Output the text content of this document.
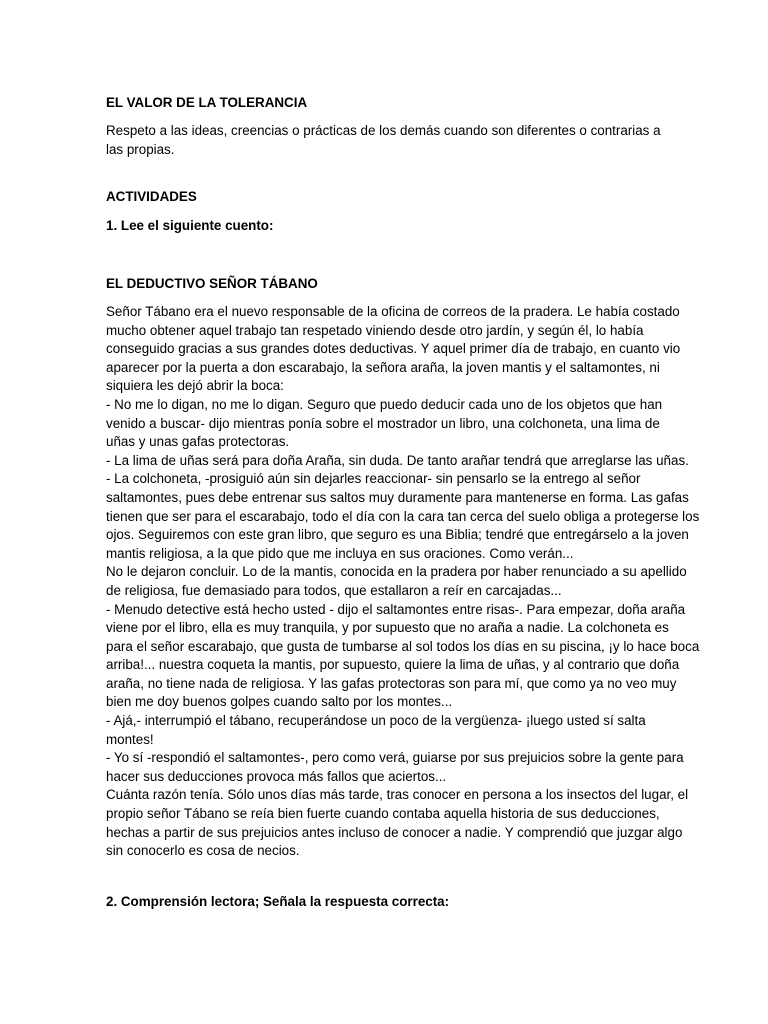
EL VALOR DE LA TOLERANCIA
Respeto a las ideas, creencias o prácticas de los demás cuando son diferentes o contrarias a las propias.
ACTIVIDADES
1. Lee el siguiente cuento:
EL DEDUCTIVO SEÑOR TÁBANO
Señor Tábano era el nuevo responsable de la oficina de correos de la pradera. Le había costado
mucho obtener aquel trabajo tan respetado viniendo desde otro jardín, y según él, lo había
conseguido gracias a sus grandes dotes deductivas. Y aquel primer día de trabajo, en cuanto vio
aparecer por la puerta a don escarabajo, la señora araña, la joven mantis y el saltamontes, ni
siquiera les dejó abrir la boca:
- No me lo digan, no me lo digan. Seguro que puedo deducir cada uno de los objetos que han
venido a buscar- dijo mientras ponía sobre el mostrador un libro, una colchoneta, una lima de
uñas y unas gafas protectoras.
- La lima de uñas será para doña Araña, sin duda. De tanto arañar tendrá que arreglarse las uñas.
- La colchoneta, -prosiguió aún sin dejarles reaccionar- sin pensarlo se la entrego al señor
saltamontes, pues debe entrenar sus saltos muy duramente para mantenerse en forma. Las gafas
tienen que ser para el escarabajo, todo el día con la cara tan cerca del suelo obliga a protegerse los
ojos. Seguiremos con este gran libro, que seguro es una Biblia; tendré que entregárselo a la joven
mantis religiosa, a la que pido que me incluya en sus oraciones. Como verán...
No le dejaron concluir. Lo de la mantis, conocida en la pradera por haber renunciado a su apellido
de religiosa, fue demasiado para todos, que estallaron a reír en carcajadas...
- Menudo detective está hecho usted - dijo el saltamontes entre risas-. Para empezar, doña araña
viene por el libro, ella es muy tranquila, y por supuesto que no araña a nadie. La colchoneta es
para el señor escarabajo, que gusta de tumbarse al sol todos los días en su piscina, ¡y lo hace boca
arriba!... nuestra coqueta la mantis, por supuesto, quiere la lima de uñas, y al contrario que doña
araña, no tiene nada de religiosa. Y las gafas protectoras son para mí, que como ya no veo muy
bien me doy buenos golpes cuando salto por los montes...
- Ajá,- interrumpió el tábano, recuperándose un poco de la vergüenza- ¡luego usted sí salta
montes!
- Yo sí -respondió el saltamontes-, pero como verá, guiarse por sus prejuicios sobre la gente para
hacer sus deducciones provoca más fallos que aciertos...
Cuánta razón tenía. Sólo unos días más tarde, tras conocer en persona a los insectos del lugar, el
propio señor Tábano se reía bien fuerte cuando contaba aquella historia de sus deducciones,
hechas a partir de sus prejuicios antes incluso de conocer a nadie. Y comprendió que juzgar algo
sin conocerlo es cosa de necios.
2. Comprensión lectora; Señala la respuesta correcta:
